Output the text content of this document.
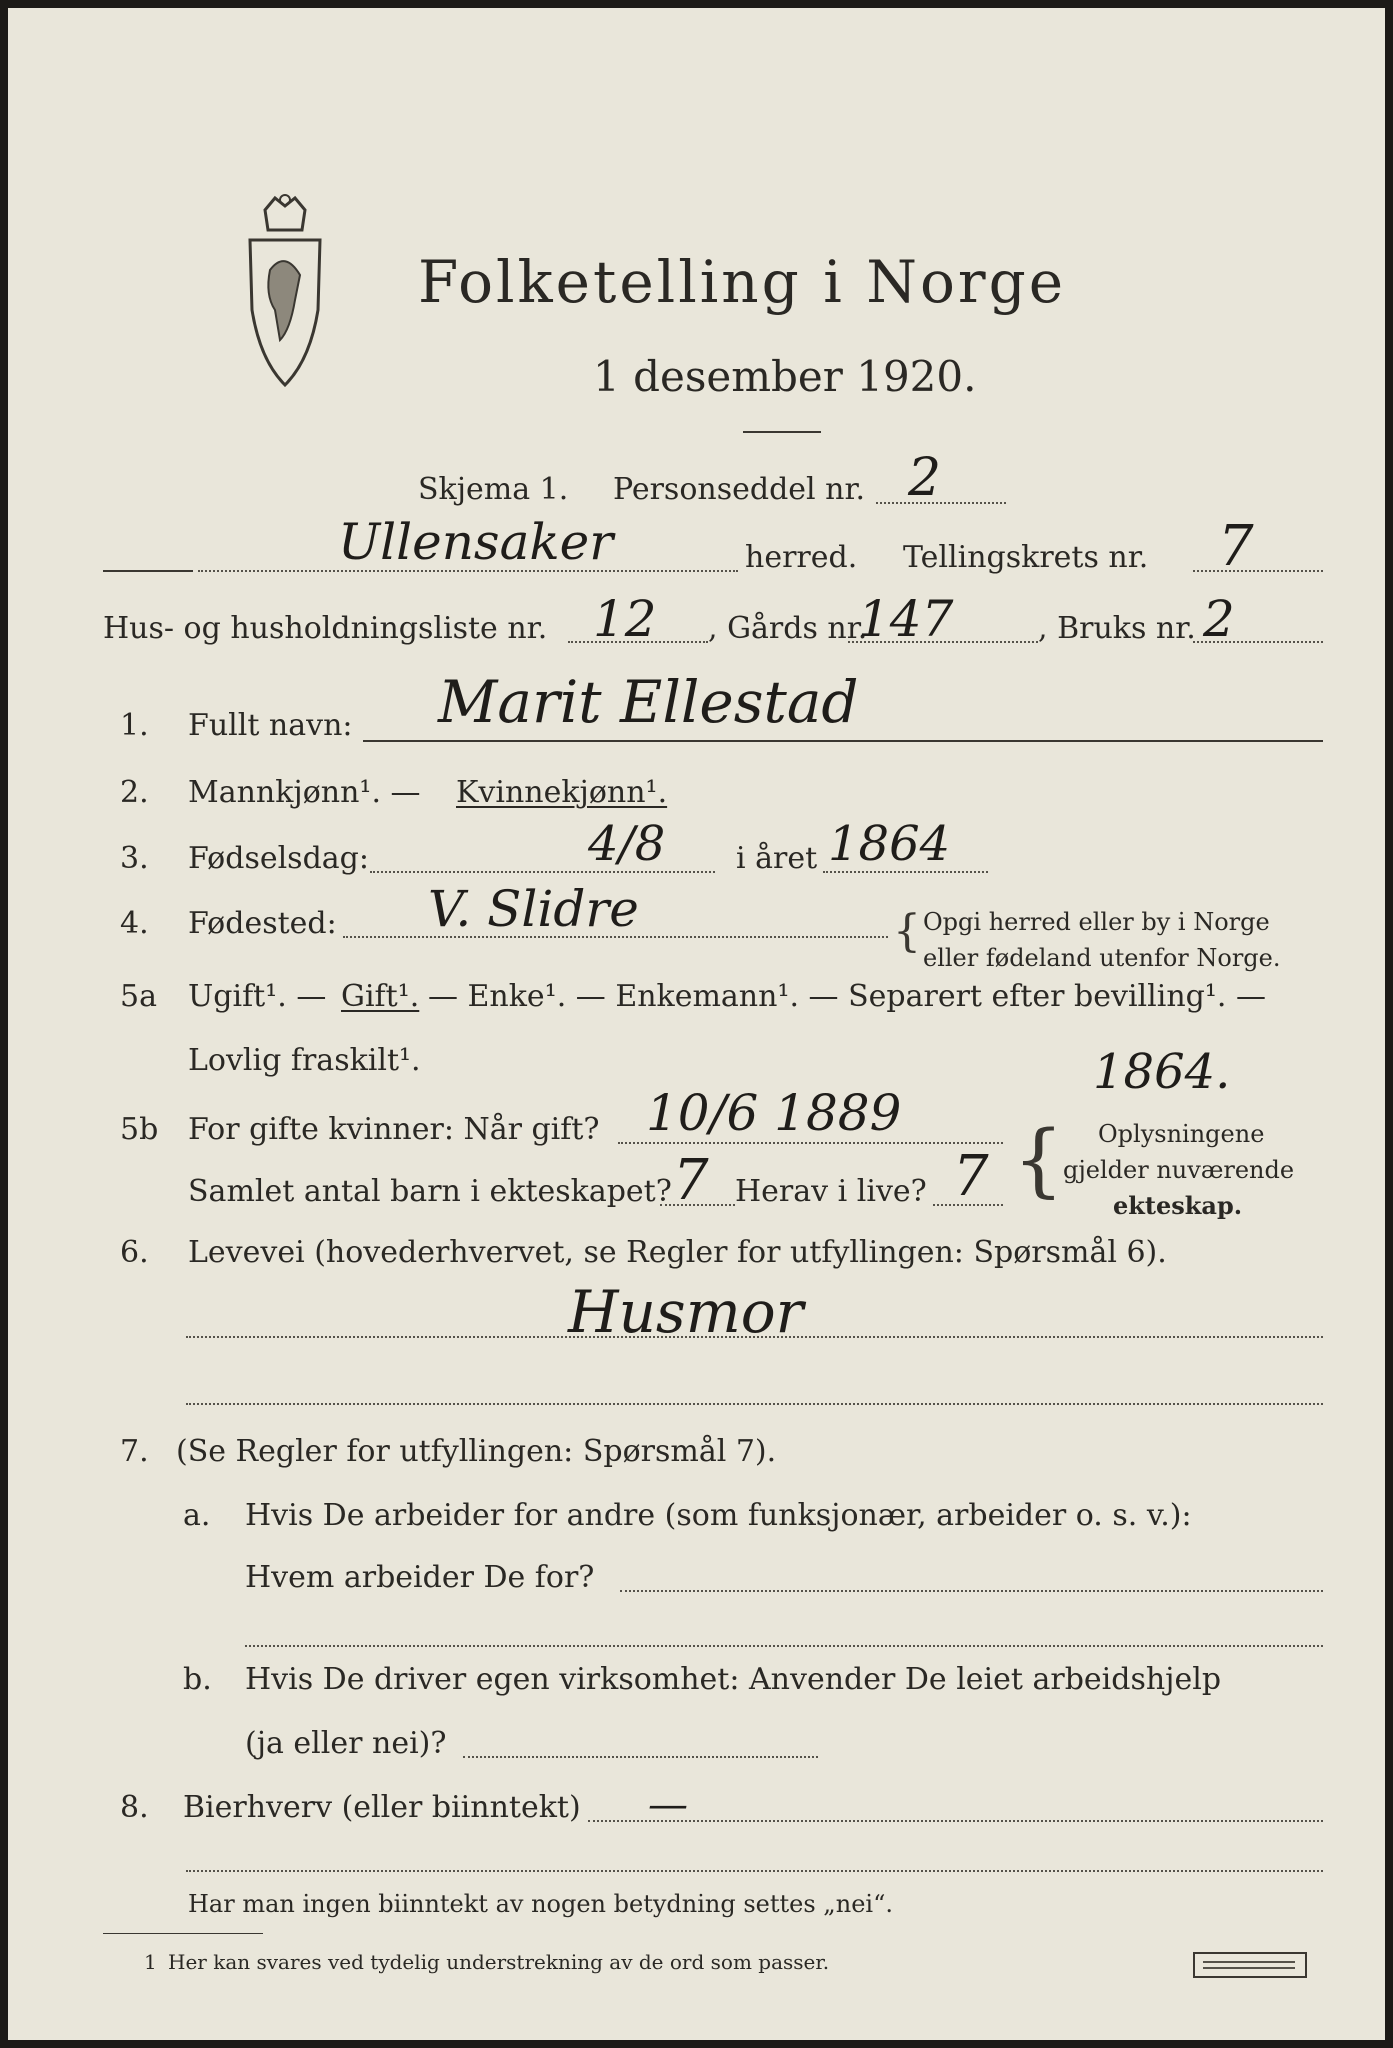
Folketelling i Norge
1 desember 1920.
Skjema 1. Personseddel nr. 2
Ullensaker	herred. Tellingskrets nr. 7
Hus- og husholdningsliste nr. 12 , Gårds nr.
147	, Bruks nr. 2
1. Fullt navn: Marit Ellestad
2. Mannkjønn¹. — Kvinnekjønn¹.
3. Fødselsdag:	4/8 i året 1864
4. Fødested: V. Slidre	{ Opgi herred eller by i Norge
eller fødeland utenfor Norge.
5a Ugift¹. — Gift¹. — Enke¹. — Enkemann¹. — Separert efter bevilling¹. —
Lovlig fraskilt¹.	1864.
5b For gifte kvinner: Når gift? 10/6 1889
Samlet antal barn i ekteskapet? 7 Herav i live? 7 { Oplysningene
gjelder nuværende
ekteskap.
6. Levevei (hovederhvervet, se Regler for utfyllingen: Spørsmål 6).
Husmor
7. (Se Regler for utfyllingen: Spørsmål 7).
a. Hvis De arbeider for andre (som funksjonær, arbeider o. s. v.):
Hvem arbeider De for?
b. Hvis De driver egen virksomhet: Anvender De leiet arbeidshjelp
(ja eller nei)?
8. Bierhverv (eller biinntekt) —
Har man ingen biinntekt av nogen betydning settes „nei“.
1 Her kan svares ved tydelig understrekning av de ord som passer.
